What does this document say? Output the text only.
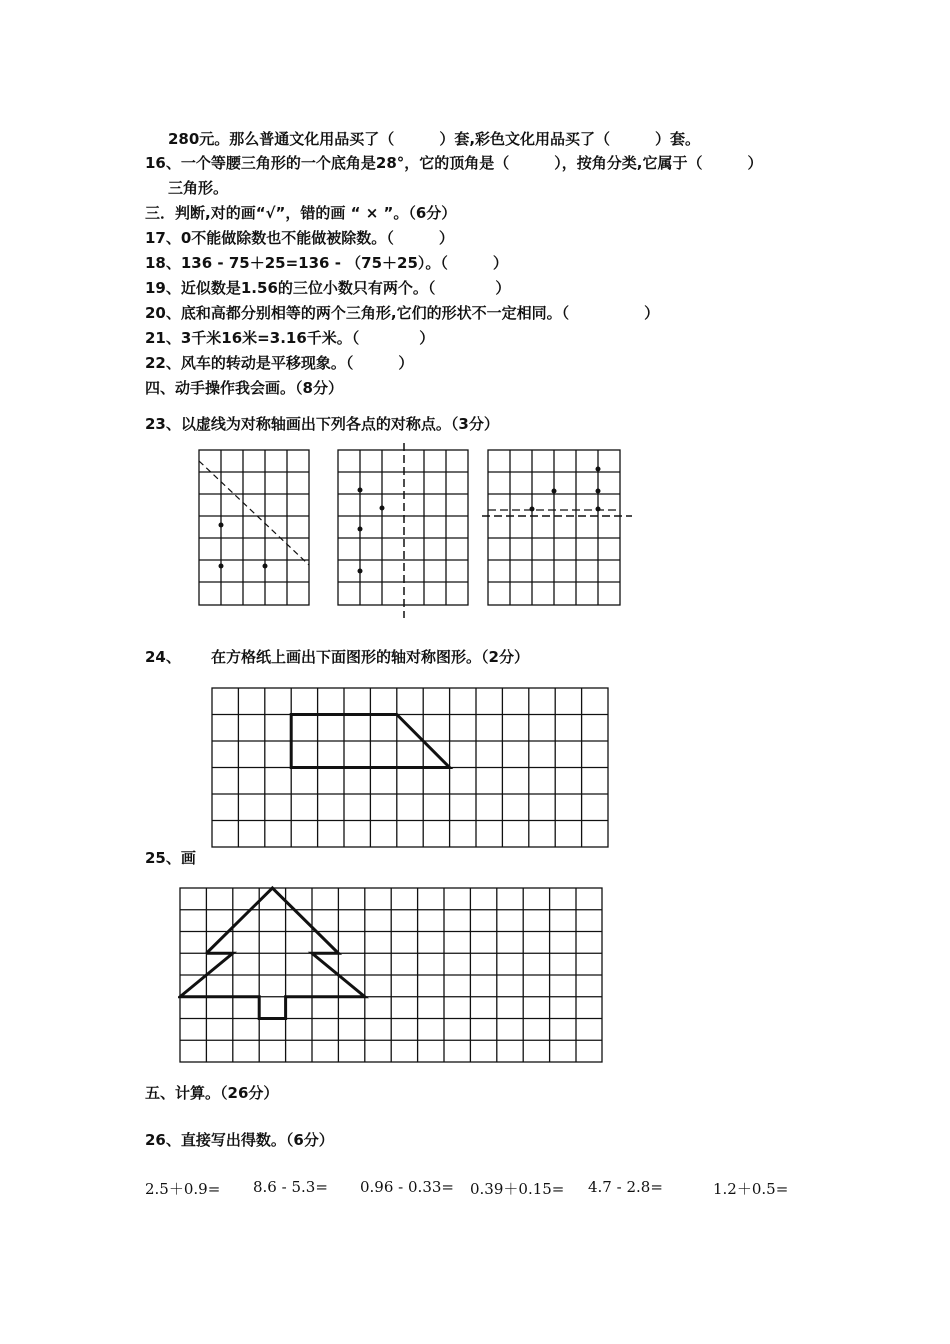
280元。那么普通文化用品买了（　　　）套,彩色文化用品买了（　　　）套。
16、一个等腰三角形的一个底角是28°，它的顶角是（　　　），按角分类,它属于（　　　）
三角形。
三．判断,对的画“√”，错的画 “ × ”。（6分）
17、0不能做除数也不能做被除数。（　　　）
18、136 - 75＋25=136 - （75＋25）。（　　　）
19、近似数是1.56的三位小数只有两个。（　　　　）
20、底和高都分别相等的两个三角形,它们的形状不一定相同。（　　　　　）
21、3千米16米=3.16千米。（　　　　）
22、风车的转动是平移现象。（　　　）
四、动手操作我会画。（8分）
23、以虚线为对称轴画出下列各点的对称点。（3分）
24、 在方格纸上画出下面图形的轴对称图形。（2分）
25、画
五、计算。（26分）
26、直接写出得数。（6分）
2.5＋0.9= 8.6 - 5.3= 0.96 - 0.33= 0.39＋0.15= 4.7 - 2.8=	1.2＋0.5=
